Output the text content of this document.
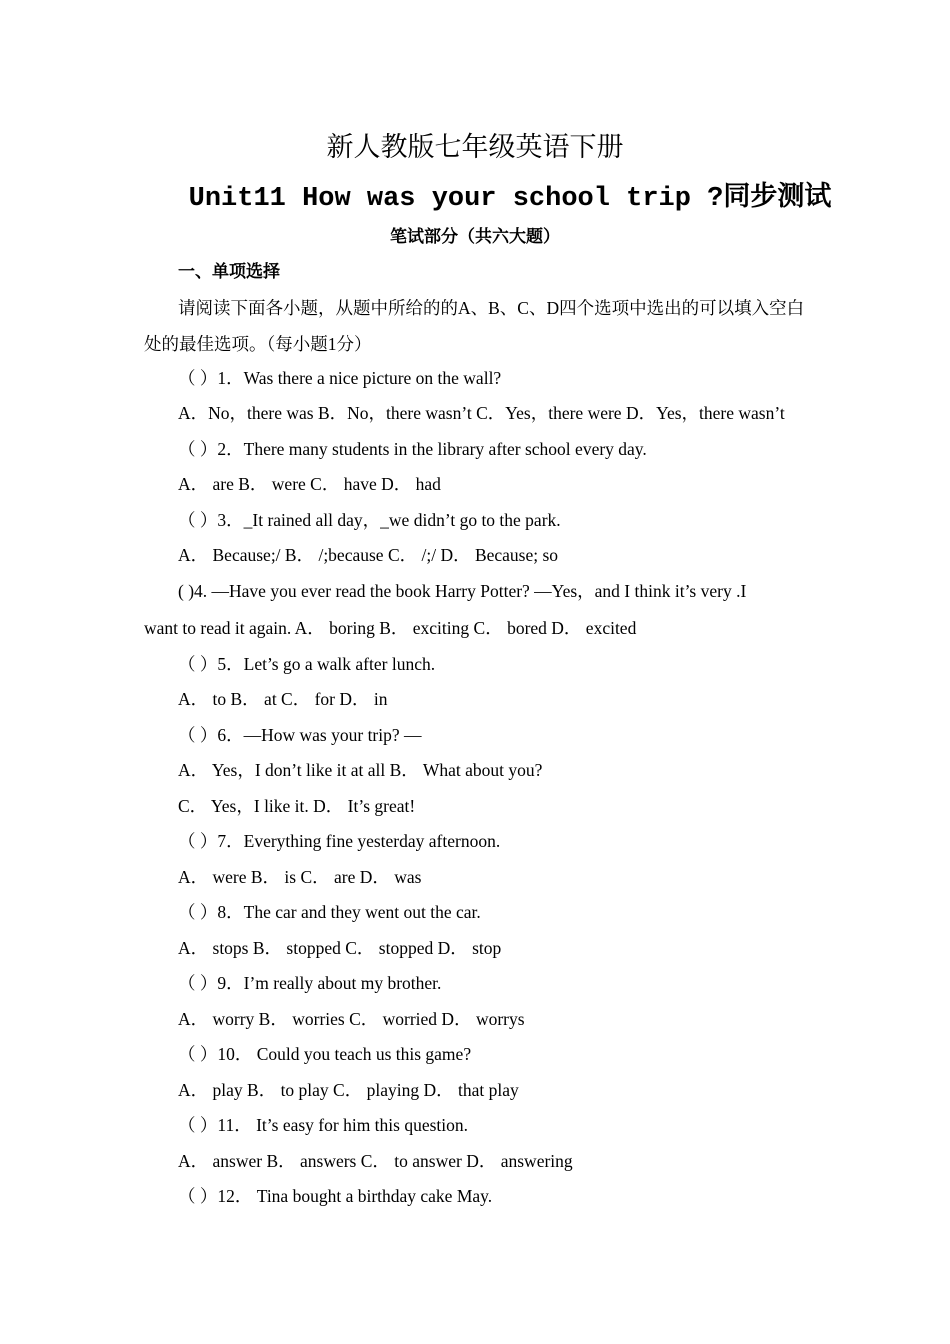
新人教版七年级英语下册
Unit11 How was your school trip ?同步测试
笔试部分（共六大题）
一、单项选择
请阅读下面各小题，从题中所给的的A、B、C、D四个选项中选出的可以填入空白处的最佳选项。（每小题1分）
（ ）1．Was there a nice picture on the wall?
A．No，there was B．No，there wasn’t C．Yes，there were D．Yes，there wasn’t
（ ）2．There many students in the library after school every day.
A． are B． were C． have D． had
（ ）3．_It rained all day，_we didn’t go to the park.
A． Because;/ B． /;because C． /;/ D． Because; so
( )4. —Have you ever read the book Harry Potter? —Yes，and I think it’s very .I
want to read it again. A． boring B． exciting C． bored D． excited
（ ）5．Let’s go a walk after lunch.
A． to B． at C． for D． in
（ ）6．—How was your trip? —
A． Yes，I don’t like it at all B． What about you?
C． Yes，I like it. D． It’s great!
（ ）7．Everything fine yesterday afternoon.
A． were B． is C． are D． was
（ ）8．The car and they went out the car.
A． stops B． stopped C． stopped D． stop
（ ）9．I’m really about my brother.
A． worry B． worries C． worried D． worrys
（ ）10． Could you teach us this game?
A． play B． to play C． playing D． that play
（ ）11． It’s easy for him this question.
A． answer B． answers C． to answer D． answering
（ ）12． Tina bought a birthday cake May.
